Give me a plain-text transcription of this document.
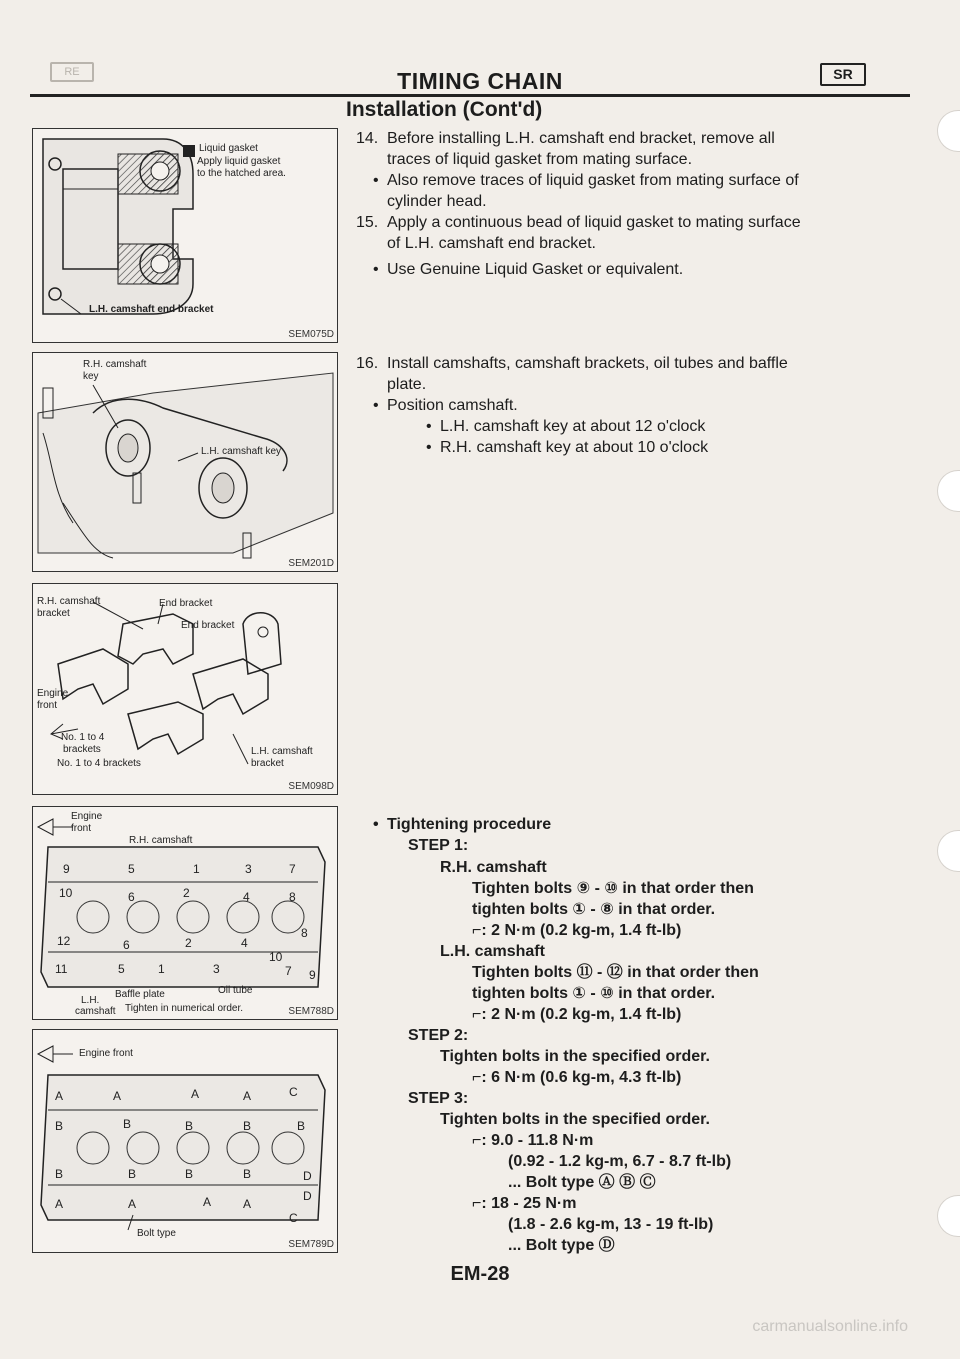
RE	TIMING CHAIN	SR
Installation (Cont'd)
Liquid gasket
Apply liquid gasket
to the hatched area.
L.H. camshaft end bracket
SEM075D
R.H. camshaft
key
L.H. camshaft key
SEM201D
R.H. camshaft
bracket
End bracket
End bracket
Engine
front
No. 1 to 4
brackets
No. 1 to 4 brackets
L.H. camshaft
bracket
SEM098D
Engine
front
R.H. camshaft
9	5	1	3	7
10	6	2	4	8
12	6	2	4
10
8
11	5	1	3	7 9
Baffle plate	Oil tube
L.H.
camshaft Tighten in numerical order.	SEM788D
Engine front
A	A	A	A	C
B	B	B	B	B
B	B	B	B	D
A	A	A	A
D
C
Bolt type
SEM789D
14. Before installing L.H. camshaft end bracket, remove all
traces of liquid gasket from mating surface.
• Also remove traces of liquid gasket from mating surface of
cylinder head.
15. Apply a continuous bead of liquid gasket to mating surface
of L.H. camshaft end bracket.
• Use Genuine Liquid Gasket or equivalent.
16. Install camshafts, camshaft brackets, oil tubes and baffle
plate.
• Position camshaft.
• L.H. camshaft key at about 12 o'clock
• R.H. camshaft key at about 10 o'clock
• Tightening procedure
STEP 1:
R.H. camshaft
Tighten bolts ⑨ - ⑩ in that order then
tighten bolts ① - ⑧ in that order.
⌐: 2 N·m (0.2 kg-m, 1.4 ft-lb)
L.H. camshaft
Tighten bolts ⑪ - ⑫ in that order then
tighten bolts ① - ⑩ in that order.
⌐: 2 N·m (0.2 kg-m, 1.4 ft-lb)
STEP 2:
Tighten bolts in the specified order.
⌐: 6 N·m (0.6 kg-m, 4.3 ft-lb)
STEP 3:
Tighten bolts in the specified order.
⌐: 9.0 - 11.8 N·m
(0.92 - 1.2 kg-m, 6.7 - 8.7 ft-lb)
... Bolt type Ⓐ Ⓑ Ⓒ
⌐: 18 - 25 N·m
(1.8 - 2.6 kg-m, 13 - 19 ft-lb)
... Bolt type Ⓓ
EM-28
carmanualsonline.info
